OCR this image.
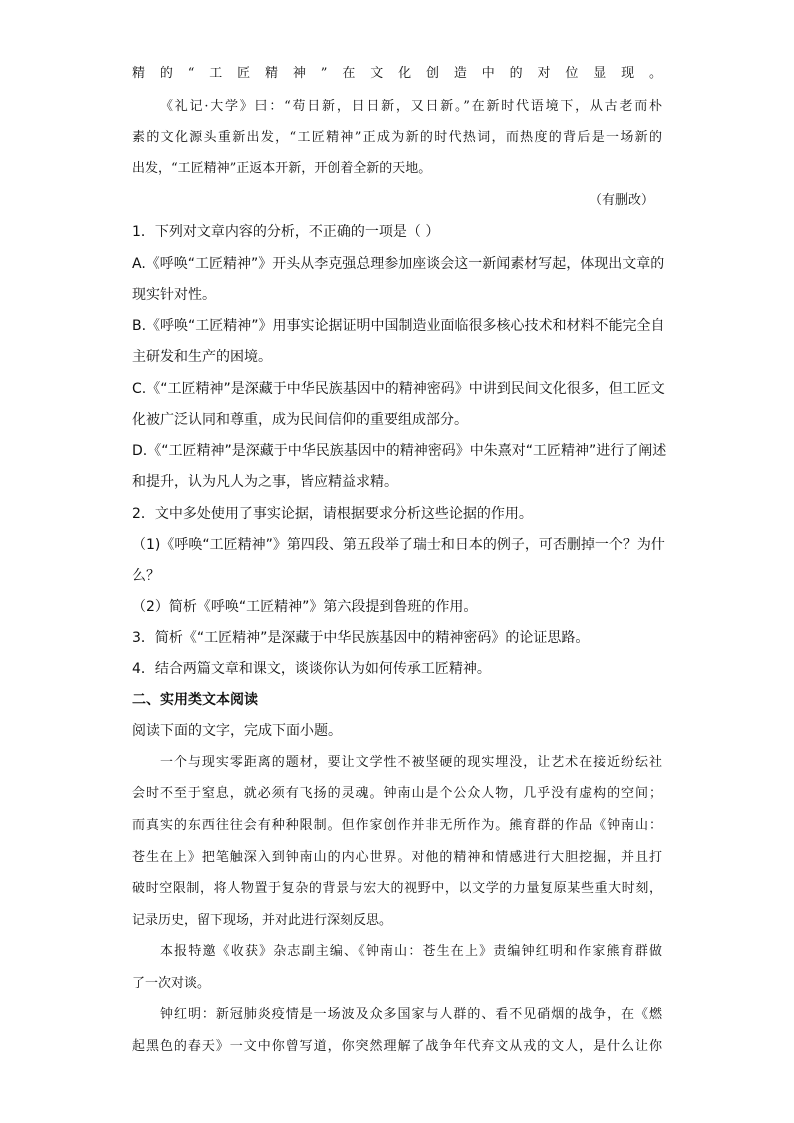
精的“工匠精神”在文化创造中的对位显现。
《礼记·大学》曰：“苟日新，日日新，又日新。”在新时代语境下，从古老而朴
素的文化源头重新出发，“工匠精神”正成为新的时代热词，而热度的背后是一场新的
出发，“工匠精神”正返本开新，开创着全新的天地。
（有删改）
1．下列对文章内容的分析，不正确的一项是（ ）
A.《呼唤“工匠精神”》开头从李克强总理参加座谈会这一新闻素材写起，体现出文章的
现实针对性。
B.《呼唤“工匠精神”》用事实论据证明中国制造业面临很多核心技术和材料不能完全自
主研发和生产的困境。
C.《“工匠精神”是深藏于中华民族基因中的精神密码》中讲到民间文化很多，但工匠文
化被广泛认同和尊重，成为民间信仰的重要组成部分。
D.《“工匠精神”是深藏于中华民族基因中的精神密码》中朱熹对“工匠精神”进行了阐述
和提升，认为凡人为之事，皆应精益求精。
2．文中多处使用了事实论据，请根据要求分析这些论据的作用。
（1)《呼唤“工匠精神”》第四段、第五段举了瑞士和日本的例子，可否删掉一个？为什
么？
（2）简析《呼唤“工匠精神”》第六段提到鲁班的作用。
3．简析《“工匠精神”是深藏于中华民族基因中的精神密码》的论证思路。
4．结合两篇文章和课文，谈谈你认为如何传承工匠精神。
二、实用类文本阅读
阅读下面的文字，完成下面小题。
一个与现实零距离的题材，要让文学性不被坚硬的现实埋没，让艺术在接近纷纭社
会时不至于窒息，就必须有飞扬的灵魂。钟南山是个公众人物，几乎没有虚构的空间；
而真实的东西往往会有种种限制。但作家创作并非无所作为。熊育群的作品《钟南山：
苍生在上》把笔触深入到钟南山的内心世界。对他的精神和情感进行大胆挖掘，并且打
破时空限制，将人物置于复杂的背景与宏大的视野中，以文学的力量复原某些重大时刻，
记录历史，留下现场，并对此进行深刻反思。
本报特邀《收获》杂志副主编、《钟南山：苍生在上》责编钟红明和作家熊育群做
了一次对谈。
钟红明：新冠肺炎疫情是一场波及众多国家与人群的、看不见硝烟的战争，在《燃
起黑色的春天》一文中你曾写道，你突然理解了战争年代弃文从戎的文人，是什么让你
